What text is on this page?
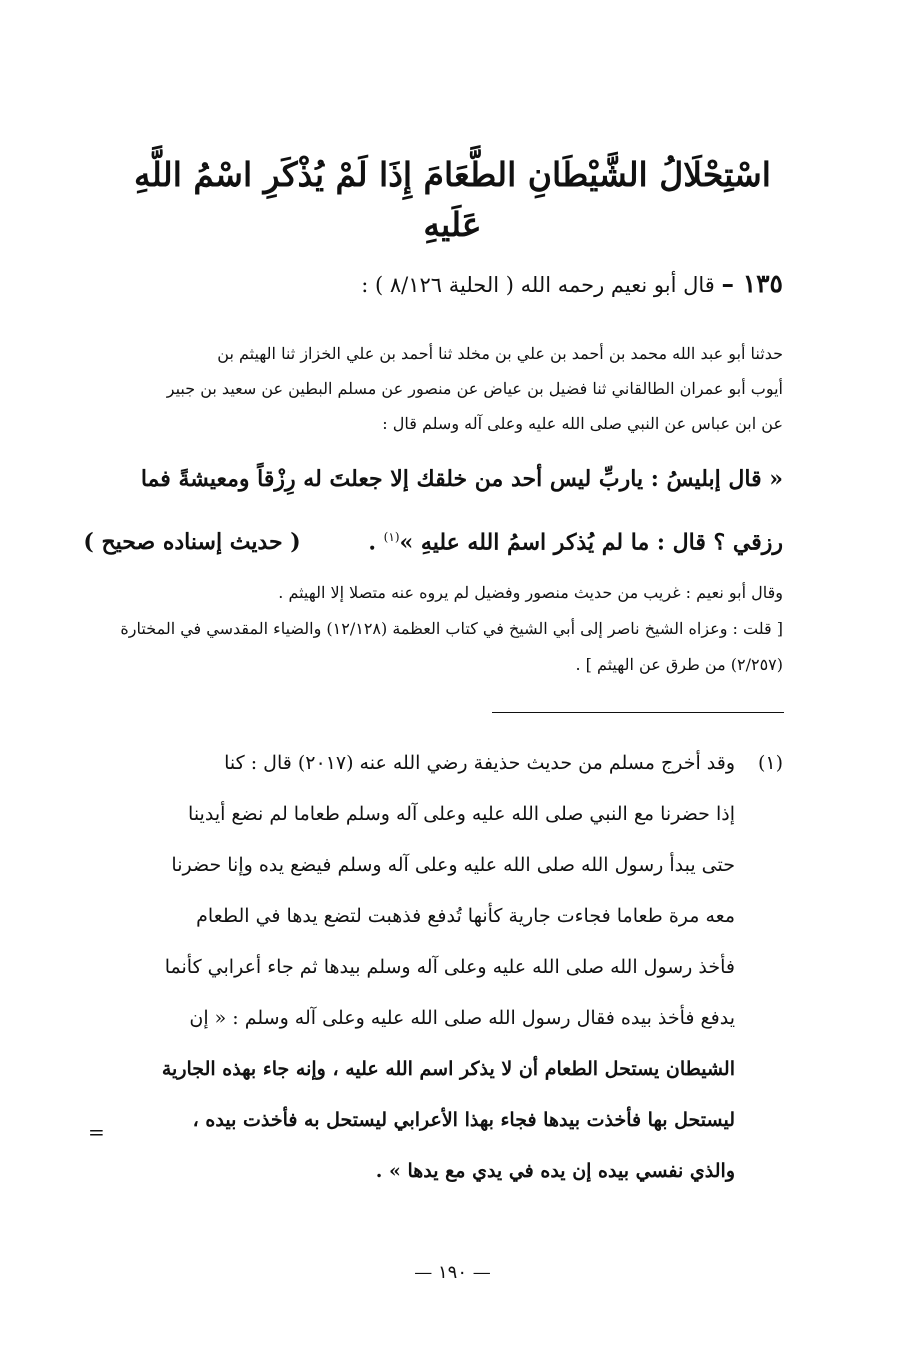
اسْتِحْلَالُ الشَّيْطَانِ الطَّعَامَ إِذَا لَمْ يُذْكَرِ اسْمُ اللَّهِ عَلَيهِ
١٣٥ – قال أبو نعيم رحمه الله ( الحلية ٨/١٢٦ ) :
حدثنا أبو عبد الله محمد بن أحمد بن علي بن مخلد ثنا أحمد بن علي الخزاز ثنا الهيثم بن
أيوب أبو عمران الطالقاني ثنا فضيل بن عياض عن منصور عن مسلم البطين عن سعيد بن جبير
عن ابن عباس عن النبي صلى الله عليه وعلى آله وسلم قال :
« قال إبليسُ : ياربِّ ليس أحد من خلقك إلا جعلتَ له رِزْقاً ومعيشةً فما
رزقي ؟ قال : ما لم يُذكر اسمُ الله عليهِ »$^{(١)}$ . ( حديث إسناده صحيح )
وقال أبو نعيم : غريب من حديث منصور وفضيل لم يروه عنه متصلا إلا الهيثم .
[ قلت : وعزاه الشيخ ناصر إلى أبي الشيخ في كتاب العظمة (١٢/١٢٨) والضياء المقدسي في المختارة
(٢/٢٥٧) من طرق عن الهيثم ] .
(١)
وقد أخرج مسلم من حديث حذيفة رضي الله عنه (٢٠١٧) قال : كنا
إذا حضرنا مع النبي صلى الله عليه وعلى آله وسلم طعاما لم نضع أيدينا
حتى يبدأ رسول الله صلى الله عليه وعلى آله وسلم فيضع يده وإنا حضرنا
معه مرة طعاما فجاءت جارية كأنها تُدفع فذهبت لتضع يدها في الطعام
فأخذ رسول الله صلى الله عليه وعلى آله وسلم بيدها ثم جاء أعرابي كأنما
يدفع فأخذ بيده فقال رسول الله صلى الله عليه وعلى آله وسلم : « إن
الشيطان يستحل الطعام أن لا يذكر اسم الله عليه ، وإنه جاء بهذه الجارية
ليستحل بها فأخذت بيدها فجاء بهذا الأعرابي ليستحل به فأخذت بيده ،
والذي نفسي بيده إن يده في يدي مع يدها » .
=
— ١٩٠ —
